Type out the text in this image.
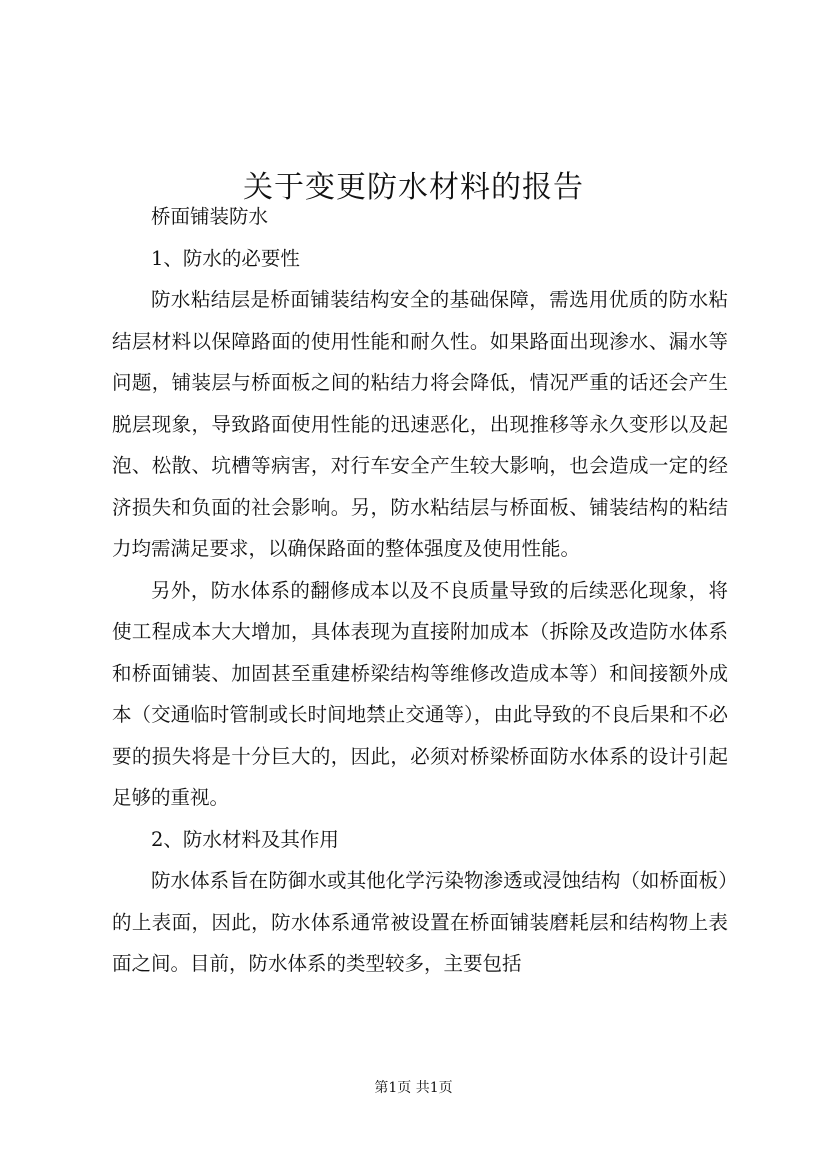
关于变更防水材料的报告

桥面铺装防水

1、防水的必要性

防水粘结层是桥面铺装结构安全的基础保障，需选用优质的防水粘结层材料以保障路面的使用性能和耐久性。如果路面出现渗水、漏水等问题，铺装层与桥面板之间的粘结力将会降低，情况严重的话还会产生脱层现象，导致路面使用性能的迅速恶化，出现推移等永久变形以及起泡、松散、坑槽等病害，对行车安全产生较大影响，也会造成一定的经济损失和负面的社会影响。另，防水粘结层与桥面板、铺装结构的粘结力均需满足要求，以确保路面的整体强度及使用性能。

另外，防水体系的翻修成本以及不良质量导致的后续恶化现象，将使工程成本大大增加，具体表现为直接附加成本（拆除及改造防水体系和桥面铺装、加固甚至重建桥梁结构等维修改造成本等）和间接额外成本（交通临时管制或长时间地禁止交通等），由此导致的不良后果和不必要的损失将是十分巨大的，因此，必须对桥梁桥面防水体系的设计引起足够的重视。

2、防水材料及其作用

防水体系旨在防御水或其他化学污染物渗透或浸蚀结构（如桥面板）的上表面，因此，防水体系通常被设置在桥面铺装磨耗层和结构物上表面之间。目前，防水体系的类型较多，主要包括

第1页 共1页
